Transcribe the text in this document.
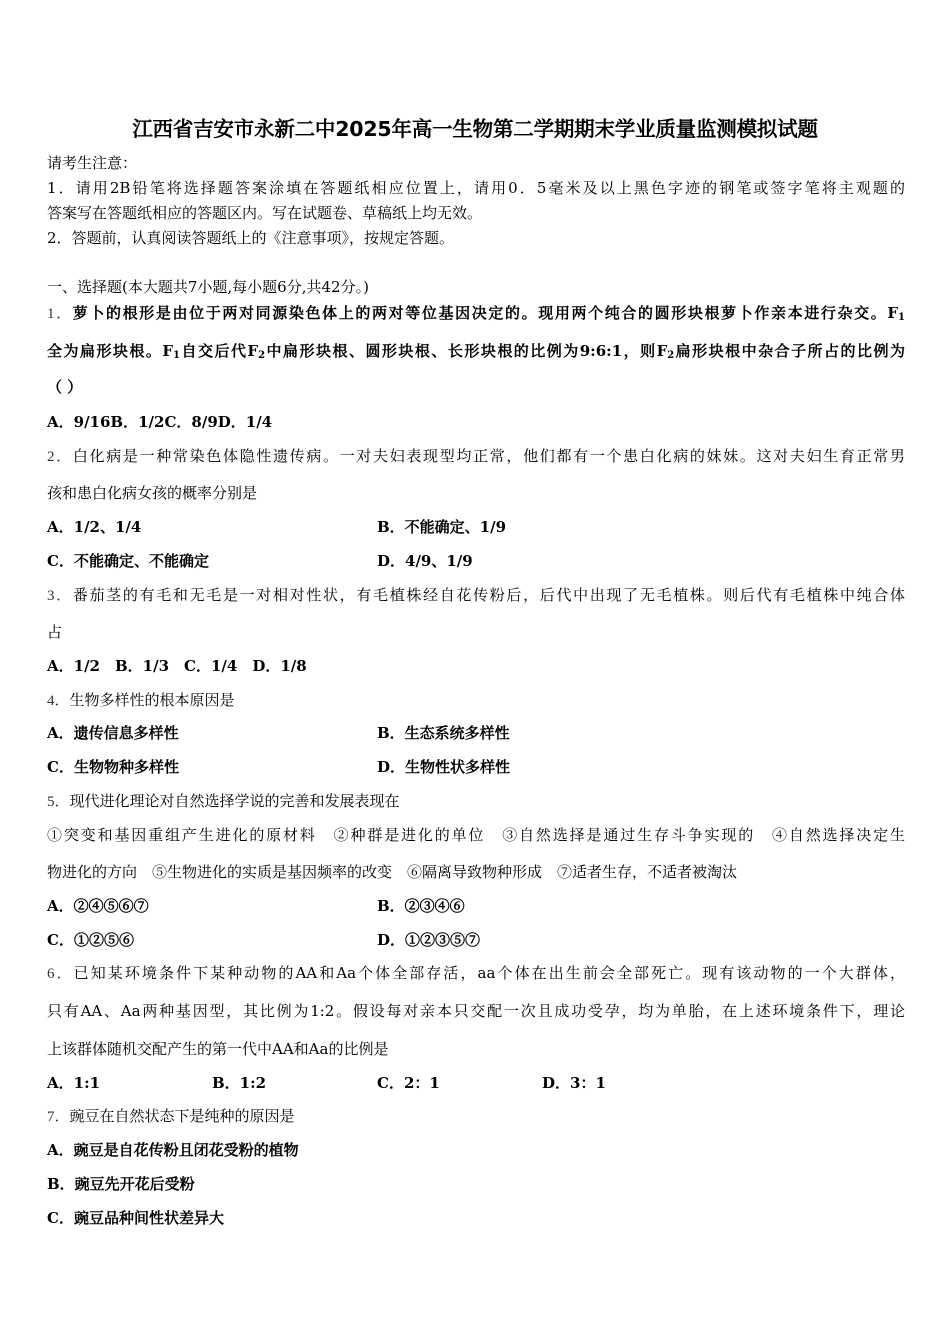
江西省吉安市永新二中2025年高一生物第二学期期末学业质量监测模拟试题
请考生注意：
1．请用2B铅笔将选择题答案涂填在答题纸相应位置上，请用0．5毫米及以上黑色字迹的钢笔或签字笔将主观题的
答案写在答题纸相应的答题区内。写在试题卷、草稿纸上均无效。
2．答题前，认真阅读答题纸上的《注意事项》，按规定答题。
一、选择题(本大题共7小题,每小题6分,共42分。)
1．萝卜的根形是由位于两对同源染色体上的两对等位基因决定的。现用两个纯合的圆形块根萝卜作亲本进行杂交。$F_1$
全为扁形块根。$F_1$自交后代$F_2$中扁形块根、圆形块根、长形块根的比例为9:6:1，则$F_2$扁形块根中杂合子所占的比例为
（ ）
A．9/16B．1/2C．8/9D．1/4
2．白化病是一种常染色体隐性遗传病。一对夫妇表现型均正常，他们都有一个患白化病的妹妹。这对夫妇生育正常男
孩和患白化病女孩的概率分别是
A．1/2、1/4	B．不能确定、1/9
C．不能确定、不能确定	D．4/9、1/9
3．番茄茎的有毛和无毛是一对相对性状，有毛植株经自花传粉后，后代中出现了无毛植株。则后代有毛植株中纯合体
占
A．1/2　B．1/3　C．1/4　D．1/8
4．生物多样性的根本原因是
A．遗传信息多样性	B．生态系统多样性
C．生物物种多样性	D．生物性状多样性
5．现代进化理论对自然选择学说的完善和发展表现在
①突变和基因重组产生进化的原材料　②种群是进化的单位　③自然选择是通过生存斗争实现的　④自然选择决定生
物进化的方向　⑤生物进化的实质是基因频率的改变　⑥隔离导致物种形成　⑦适者生存，不适者被淘汰
A．②④⑤⑥⑦	B．②③④⑥
C．①②⑤⑥	D．①②③⑤⑦
6．已知某环境条件下某种动物的AA和Aa个体全部存活，aa个体在出生前会全部死亡。现有该动物的一个大群体，
只有AA、Aa两种基因型，其比例为1:2。假设每对亲本只交配一次且成功受孕，均为单胎，在上述环境条件下，理论
上该群体随机交配产生的第一代中AA和Aa的比例是
A．1:1	B．1:2	C．2：1	D．3：1
7．豌豆在自然状态下是纯种的原因是
A．豌豆是自花传粉且闭花受粉的植物
B．豌豆先开花后受粉
C．豌豆品种间性状差异大
